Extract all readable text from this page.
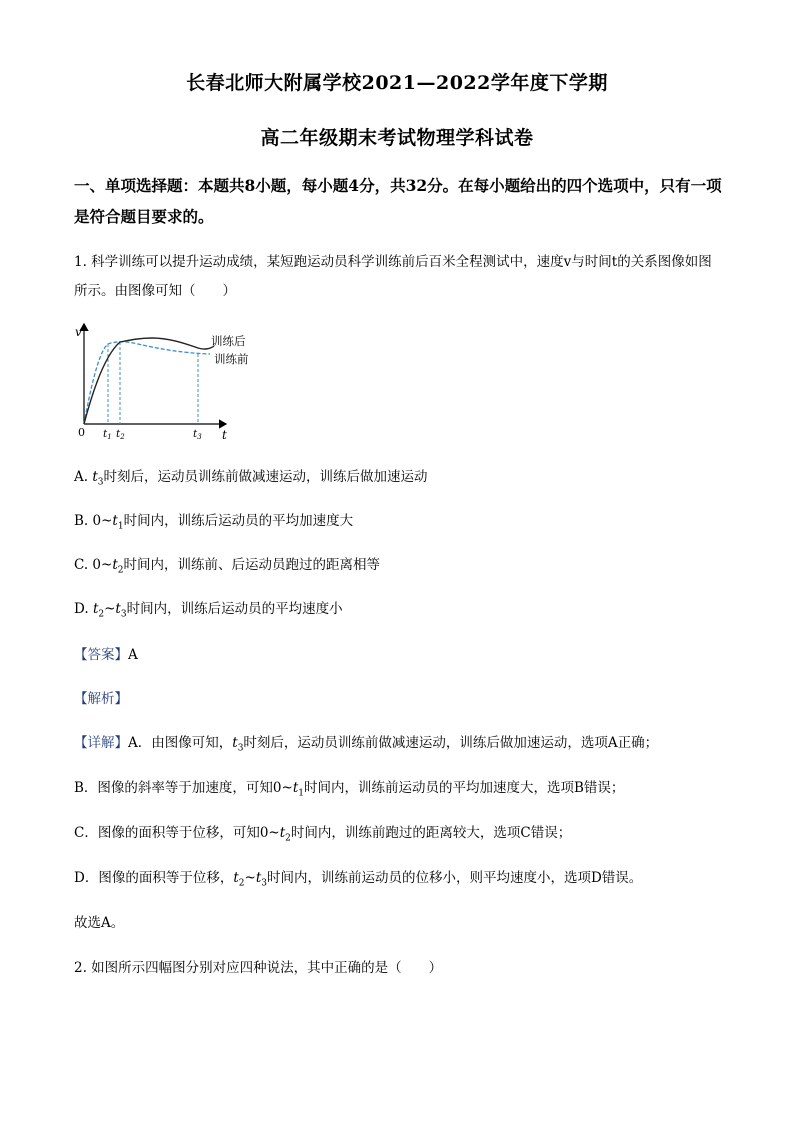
长春北师大附属学校2021—2022学年度下学期
高二年级期末考试物理学科试卷
一、单项选择题：本题共8小题，每小题4分，共32分。在每小题给出的四个选项中，只有一项是符合题目要求的。
1. 科学训练可以提升运动成绩，某短跑运动员科学训练前后百米全程测试中，速度v与时间t的关系图像如图所示。由图像可知（　　）
v
t
0 t1 t2	t3
训练后
训练前
A. $t_3$时刻后，运动员训练前做减速运动，训练后做加速运动
B. $0\sim t_1$时间内，训练后运动员的平均加速度大
C. $0\sim t_2$时间内，训练前、后运动员跑过的距离相等
D. $t_2\sim t_3$时间内，训练后运动员的平均速度小
【答案】A
【解析】
【详解】A．由图像可知，$t_3$时刻后，运动员训练前做减速运动，训练后做加速运动，选项A正确；
B．图像的斜率等于加速度，可知$0\sim t_1$时间内，训练前运动员的平均加速度大，选项B错误；
C．图像的面积等于位移，可知$0\sim t_2$时间内，训练前跑过的距离较大，选项C错误；
D．图像的面积等于位移，$t_2\sim t_3$时间内，训练前运动员的位移小，则平均速度小，选项D错误。
故选A。
2. 如图所示四幅图分别对应四种说法，其中正确的是（　　）
